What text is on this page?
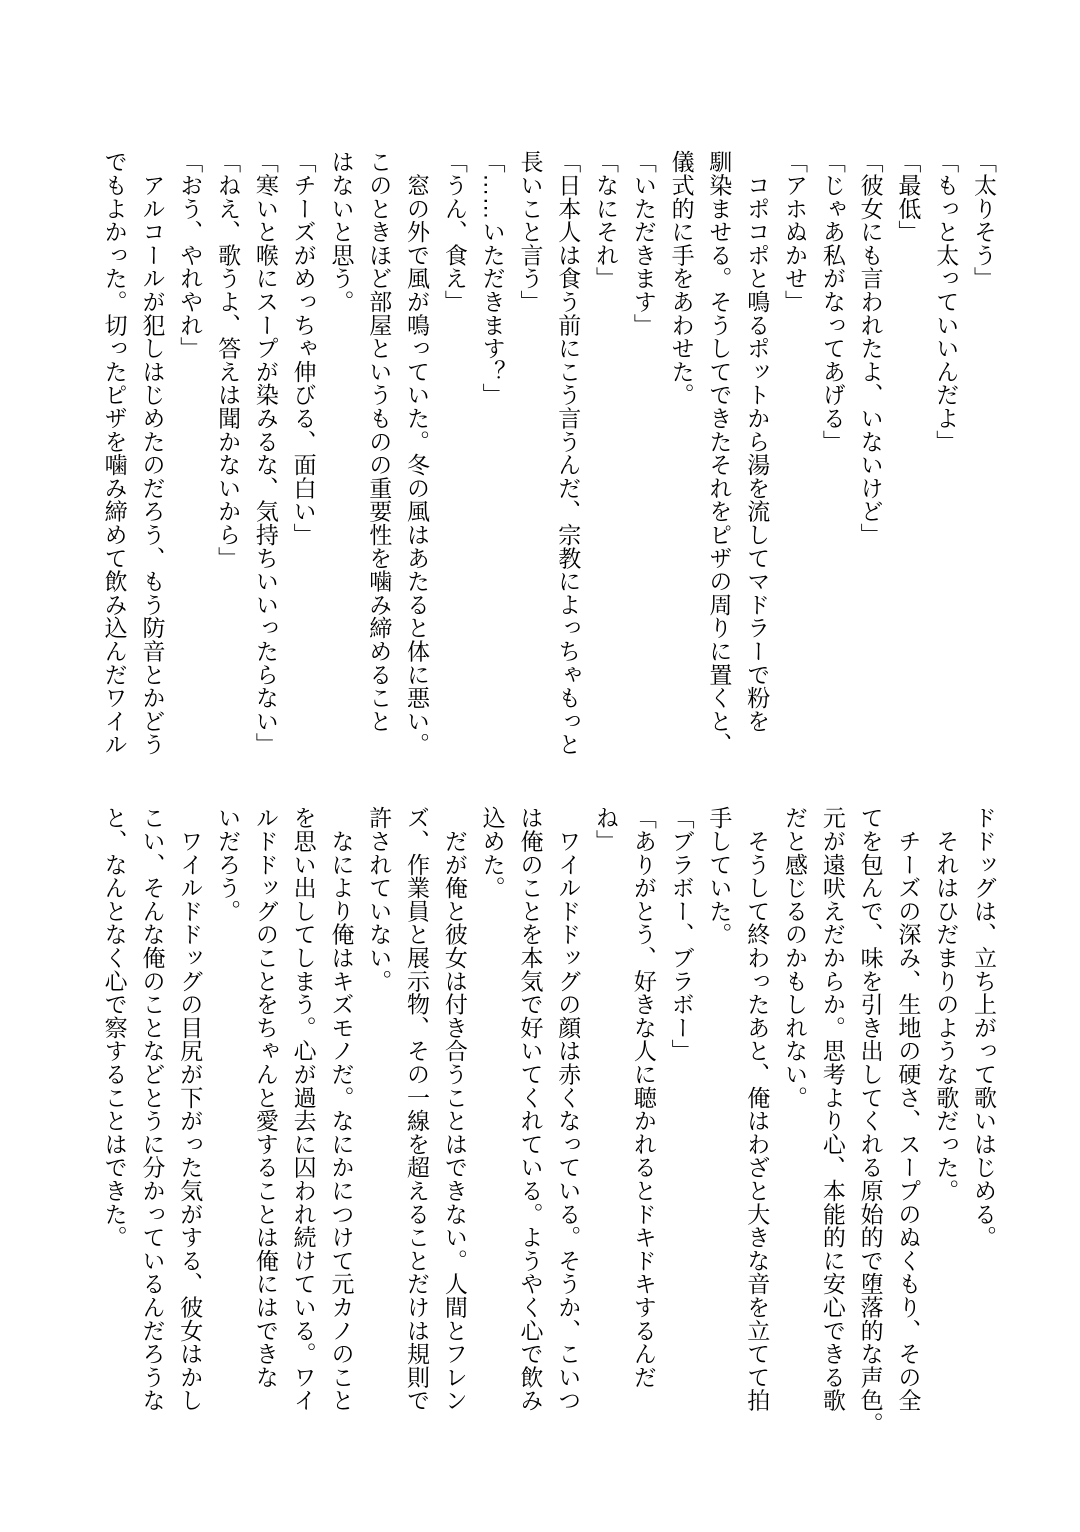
「太りそう」
「もっと太っていいんだよ」
「最低」
「彼女にも言われたよ、いないけど」
「じゃあ私がなってあげる」
「アホぬかせ」
　コポコポと鳴るポットから湯を流してマドラーで粉を
馴染ませる。そうしてできたそれをピザの周りに置くと、
儀式的に手をあわせた。
「いただきます」
「なにそれ」
「日本人は食う前にこう言うんだ、宗教によっちゃもっと
長いこと言う」
「……いただきます？」
「うん、食え」
　窓の外で風が鳴っていた。冬の風はあたると体に悪い。
このときほど部屋というものの重要性を噛み締めること
はないと思う。
「チーズがめっちゃ伸びる、面白い」
「寒いと喉にスープが染みるな、気持ちいいったらない」
「ねえ、歌うよ、答えは聞かないから」
「おう、やれやれ」
　アルコールが犯しはじめたのだろう、もう防音とかどう
でもよかった。切ったピザを噛み締めて飲み込んだワイル
ドドッグは、立ち上がって歌いはじめる。
　それはひだまりのような歌だった。
　チーズの深み、生地の硬さ、スープのぬくもり、その全
てを包んで、味を引き出してくれる原始的で堕落的な声色。
元が遠吠えだからか。思考より心、本能的に安心できる歌
だと感じるのかもしれない。
　そうして終わったあと、俺はわざと大きな音を立てて拍
手していた。
「ブラボー、ブラボー」
「ありがとう、好きな人に聴かれるとドキドキするんだ
ね」
　ワイルドドッグの顔は赤くなっている。そうか、こいつ
は俺のことを本気で好いてくれている。ようやく心で飲み
込めた。
　だが俺と彼女は付き合うことはできない。人間とフレン
ズ、作業員と展示物、その一線を超えることだけは規則で
許されていない。
　なにより俺はキズモノだ。なにかにつけて元カノのこと
を思い出してしまう。心が過去に囚われ続けている。ワイ
ルドドッグのことをちゃんと愛することは俺にはできな
いだろう。
　ワイルドドッグの目尻が下がった気がする、彼女はかし
こい、そんな俺のことなどとうに分かっているんだろうな
と、なんとなく心で察することはできた。
